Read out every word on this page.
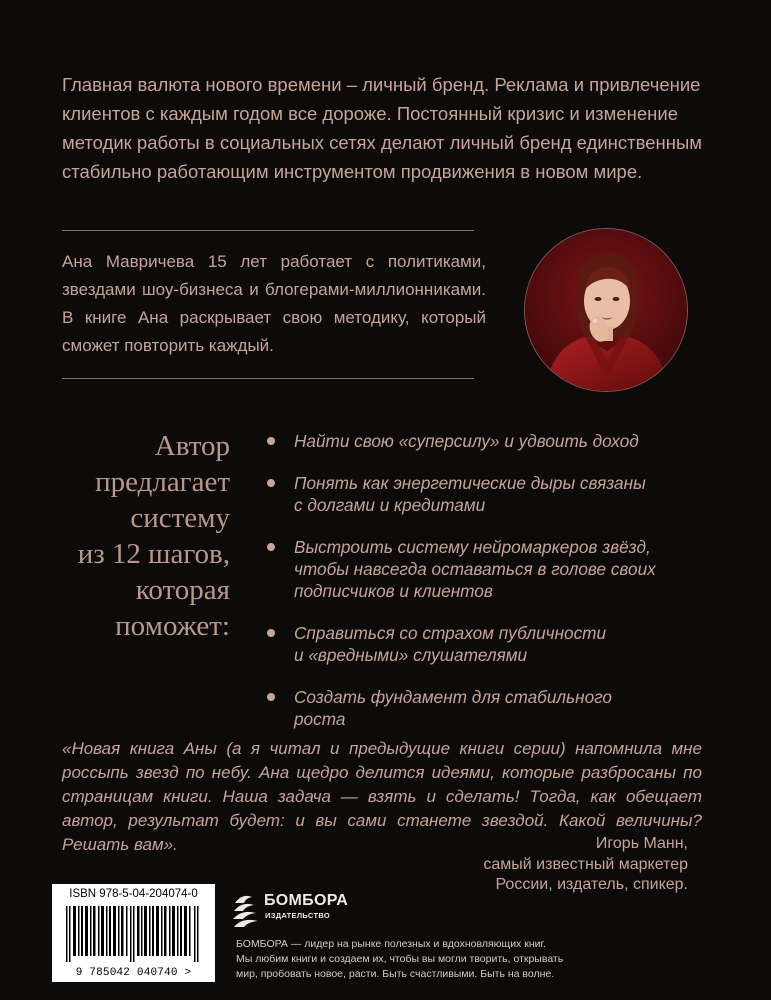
Главная валюта нового времени – личный бренд. Реклама и привлечение клиентов с каждым годом все дороже. Постоянный кризис и изменение методик работы в социальных сетях делают личный бренд единственным стабильно работающим инструментом продвижения в новом мире.

Ана Мавричева 15 лет работает с политиками, звездами шоу-бизнеса и блогерами-миллионниками. В книге Ана раскрывает свою методику, который сможет повторить каждый.

Автор
предлагает
систему
из 12 шагов,
которая
поможет:
Найти свою «суперсилу» и удвоить доход
Понять как энергетические дыры связаны
с долгами и кредитами
Выстроить систему нейромаркеров звёзд,
чтобы навсегда оставаться в голове своих
подписчиков и клиентов
Справиться со страхом публичности
и «вредными» слушателями
Создать фундамент для стабильного
роста

«Новая книга Аны (а я читал и предыдущие книги серии) напомнила мне россыпь звезд по небу. Ана щедро делится идеями, которые разбросаны по страницам книги. Наша задача — взять и сделать! Тогда, как обещает автор, результат будет: и вы сами станете звездой. Какой величины? Решать вам».	Игорь Манн,
самый известный маркетер
России, издатель, спикер.
ISBN 978-5-04-204074-0
9 785042 040740 >
БОМБОРА
ИЗДАТЕЛЬСТВО
БОМБОРА — лидер на рынке полезных и вдохновляющих книг.
Мы любим книги и создаем их, чтобы вы могли творить, открывать
мир, пробовать новое, расти. Быть счастливыми. Быть на волне.
